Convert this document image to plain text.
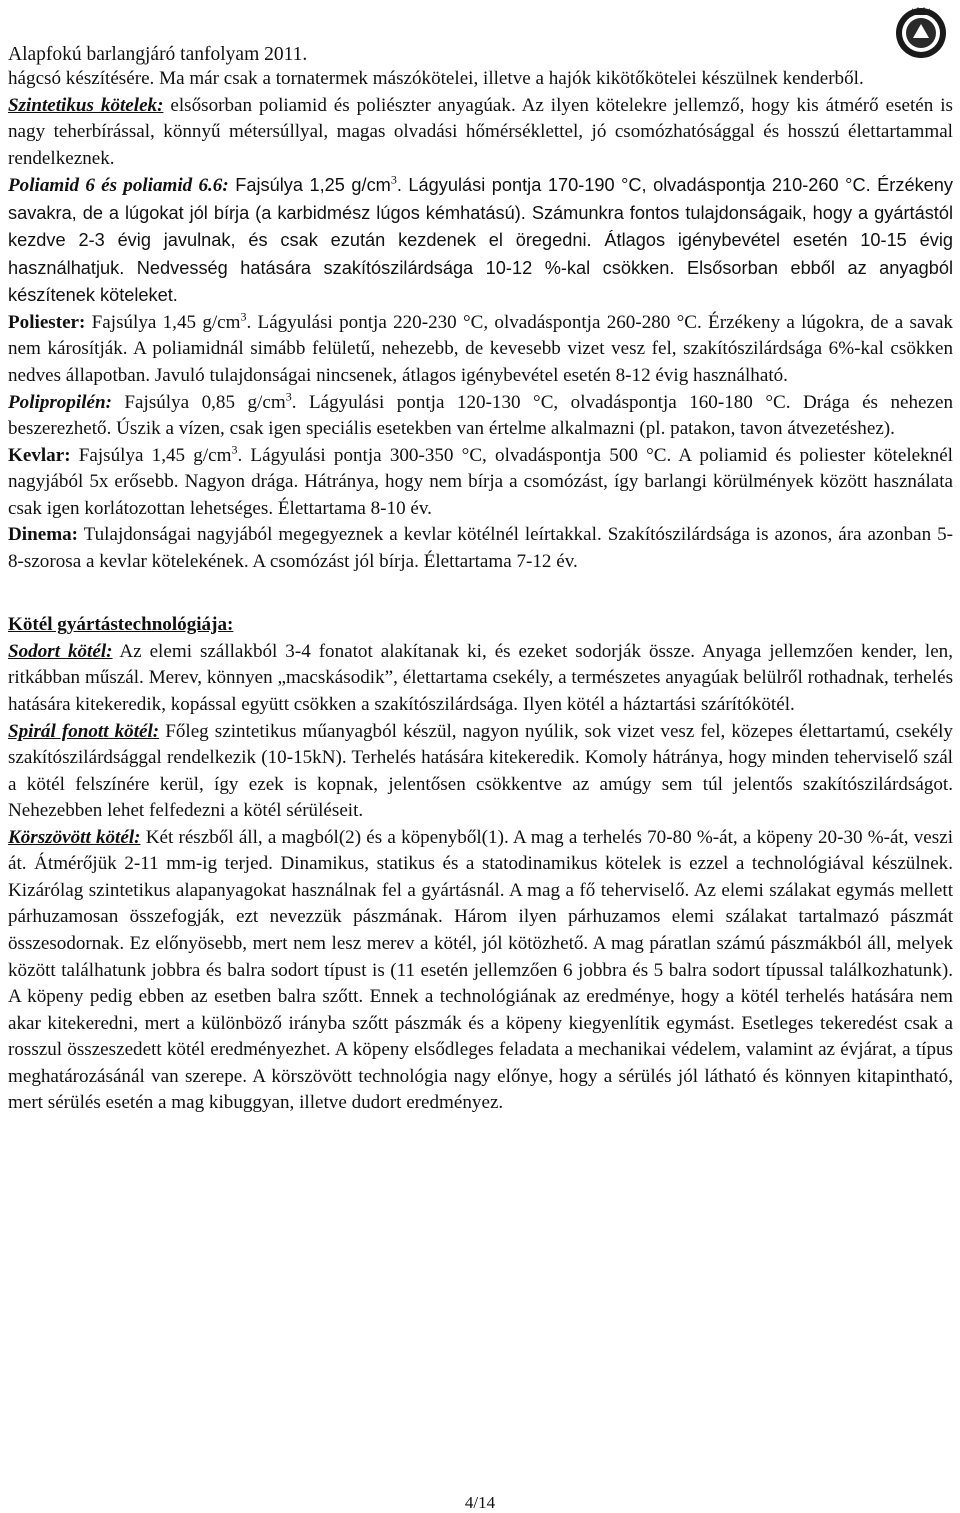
Alapfokú barlangjáró tanfolyam 2011.

hágcsó készítésére. Ma már csak a tornatermek mászókötelei, illetve a hajók kikötőkötelei készülnek kenderből.

Szintetikus kötelek: elsősorban poliamid és poliészter anyagúak. Az ilyen kötelekre jellemző, hogy kis átmérő esetén is nagy teherbírással, könnyű métersúllyal, magas olvadási hőmérséklettel, jó csomózhatósággal és hosszú élettartammal rendelkeznek.

Poliamid 6 és poliamid 6.6: Fajsúlya 1,25 $g/cm^3$. Lágyulási pontja 170-190 °C, olvadáspontja 210-260 °C. Érzékeny savakra, de a lúgokat jól bírja (a karbidmész lúgos kémhatású). Számunkra fontos tulajdonságaik, hogy a gyártástól kezdve 2-3 évig javulnak, és csak ezután kezdenek el öregedni. Átlagos igénybevétel esetén 10-15 évig használhatjuk. Nedvesség hatására szakítószilárdsága 10-12 %-kal csökken. Elsősorban ebből az anyagból készítenek köteleket.

Poliester: Fajsúlya 1,45 $g/cm^3$. Lágyulási pontja 220-230 °C, olvadáspontja 260-280 °C. Érzékeny a lúgokra, de a savak nem károsítják. A poliamidnál simább felületű, nehezebb, de kevesebb vizet vesz fel, szakítószilárdsága 6%-kal csökken nedves állapotban. Javuló tulajdonságai nincsenek, átlagos igénybevétel esetén 8-12 évig használható.

Polipropilén: Fajsúlya 0,85 $g/cm^3$. Lágyulási pontja 120-130 °C, olvadáspontja 160-180 °C. Drága és nehezen beszerezhető. Úszik a vízen, csak igen speciális esetekben van értelme alkalmazni (pl. patakon, tavon átvezetéshez).

Kevlar: Fajsúlya 1,45 $g/cm^3$. Lágyulási pontja 300-350 °C, olvadáspontja 500 °C. A poliamid és poliester köteleknél nagyjából 5x erősebb. Nagyon drága. Hátránya, hogy nem bírja a csomózást, így barlangi körülmények között használata csak igen korlátozottan lehetséges. Élettartama 8-10 év.

Dinema: Tulajdonságai nagyjából megegyeznek a kevlar kötélnél leírtakkal. Szakítószilárdsága is azonos, ára azonban 5-8-szorosa a kevlar kötelekének. A csomózást jól bírja. Élettartama 7-12 év.

Kötél gyártástechnológiája:

Sodort kötél: Az elemi szállakból 3-4 fonatot alakítanak ki, és ezeket sodorják össze. Anyaga jellemzően kender, len, ritkábban műszál. Merev, könnyen „macskásodik”, élettartama csekély, a természetes anyagúak belülről rothadnak, terhelés hatására kitekeredik, kopással együtt csökken a szakítószilárdsága. Ilyen kötél a háztartási szárítókötél.

Spirál fonott kötél: Főleg szintetikus műanyagból készül, nagyon nyúlik, sok vizet vesz fel, közepes élettartamú, csekély szakítószilárdsággal rendelkezik (10-15kN). Terhelés hatására kitekeredik. Komoly hátránya, hogy minden teherviselő szál a kötél felszínére kerül, így ezek is kopnak, jelentősen csökkentve az amúgy sem túl jelentős szakítószilárdságot. Nehezebben lehet felfedezni a kötél sérüléseit.

Körszövött kötél: Két részből áll, a magból(2) és a köpenyből(1). A mag a terhelés 70-80 %-át, a köpeny 20-30 %-át, veszi át. Átmérőjük 2-11 mm-ig terjed. Dinamikus, statikus és a statodinamikus kötelek is ezzel a technológiával készülnek. Kizárólag szintetikus alapanyagokat használnak fel a gyártásnál. A mag a fő teherviselő. Az elemi szálakat egymás mellett párhuzamosan összefogják, ezt nevezzük pászmának. Három ilyen párhuzamos elemi szálakat tartalmazó pászmát összesodornak. Ez előnyösebb, mert nem lesz merev a kötél, jól kötözhető. A mag páratlan számú pászmákból áll, melyek között találhatunk jobbra és balra sodort típust is (11 esetén jellemzően 6 jobbra és 5 balra sodort típussal találkozhatunk). A köpeny pedig ebben az esetben balra szőtt. Ennek a technológiának az eredménye, hogy a kötél terhelés hatására nem akar kitekeredni, mert a különböző irányba szőtt pászmák és a köpeny kiegyenlítik egymást. Esetleges tekeredést csak a rosszul összeszedett kötél eredményezhet. A köpeny elsődleges feladata a mechanikai védelem, valamint az évjárat, a típus meghatározásánál van szerepe. A körszövött technológia nagy előnye, hogy a sérülés jól látható és könnyen kitapintható, mert sérülés esetén a mag kibuggyan, illetve dudort eredményez.

4/14
